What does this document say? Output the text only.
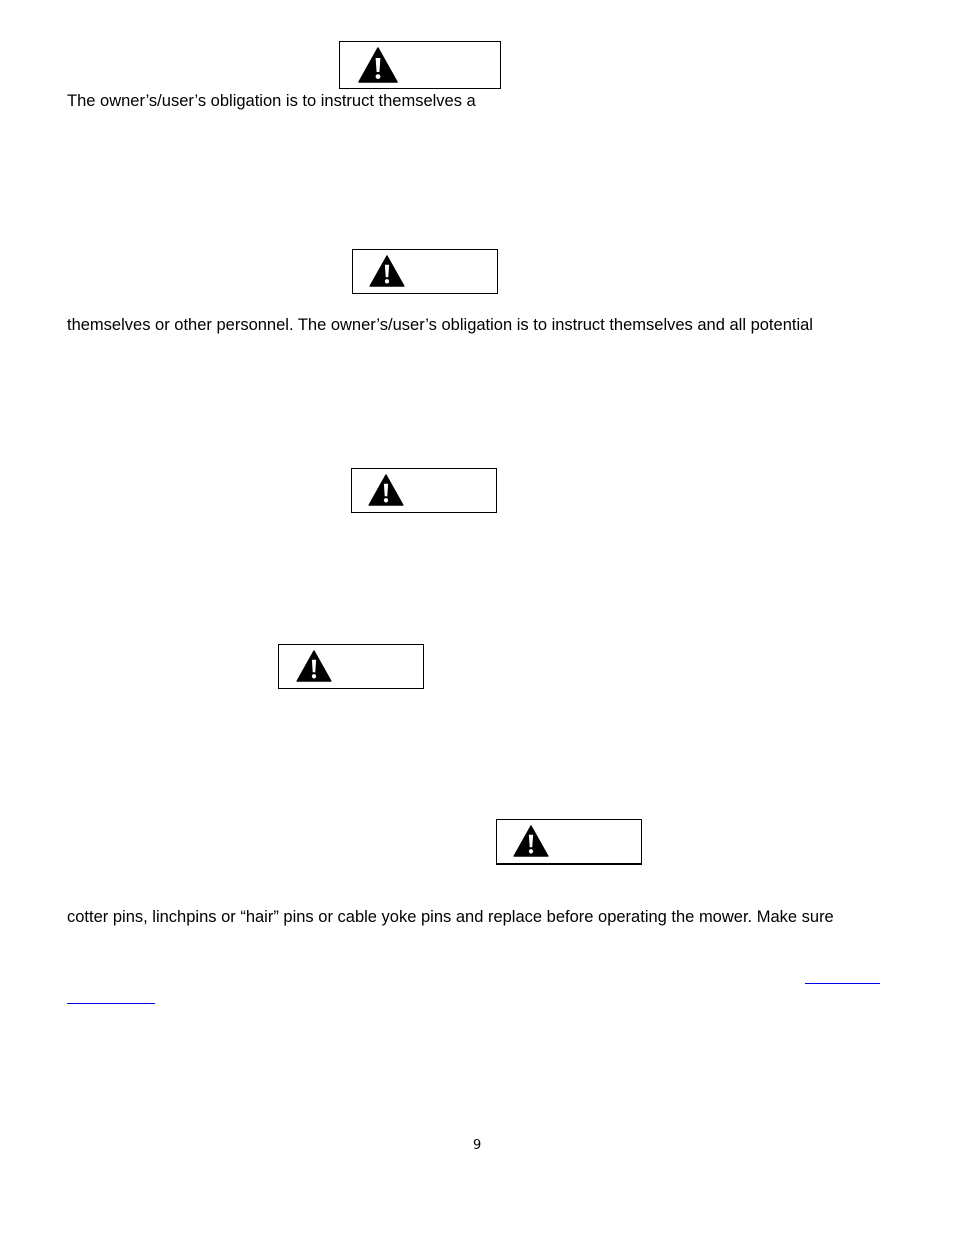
The owner’s/user’s obligation is to instruct themselves a
themselves or other personnel. The owner’s/user’s obligation is to instruct themselves and all potential
cotter pins, linchpins or “hair” pins or cable yoke pins and replace before operating the mower. Make sure
9
